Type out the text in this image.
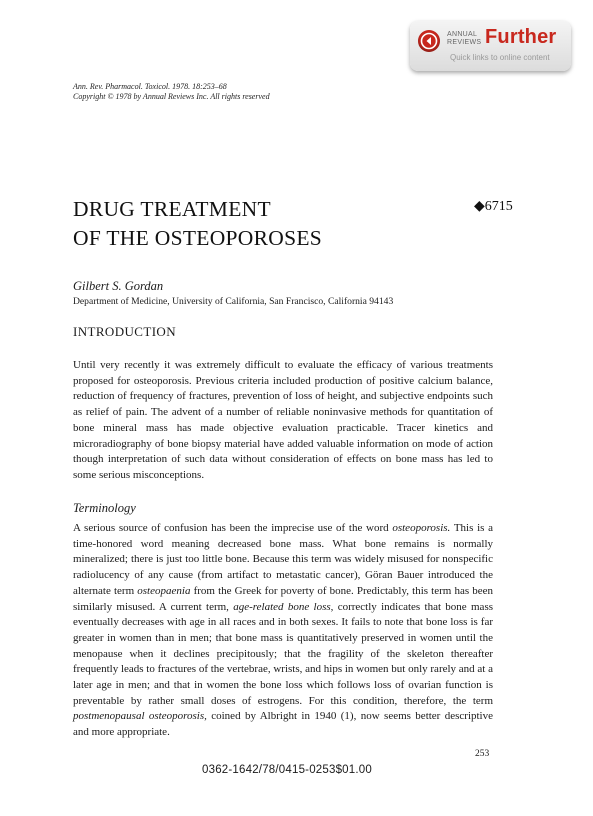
ANNUAL
REVIEWS Further
Quick links to online content
Ann. Rev. Pharmacol. Toxicol. 1978. 18:253–68
Copyright © 1978 by Annual Reviews Inc. All rights reserved
DRUG TREATMENT
OF THE OSTEOPOROSES
◆6715
Gilbert S. Gordan
Department of Medicine, University of California, San Francisco, California 94143
INTRODUCTION

Until very recently it was extremely difficult to evaluate the efficacy of various treatments proposed for osteoporosis. Previous criteria included production of positive calcium balance, reduction of frequency of fractures, prevention of loss of height, and subjective endpoints such as relief of pain. The advent of a number of reliable noninvasive methods for quantitation of bone mineral mass has made objective evaluation practicable. Tracer kinetics and microradiography of bone biopsy material have added valuable information on mode of action though interpretation of such data without consideration of effects on bone mass has led to some serious misconceptions.

Terminology

A serious source of confusion has been the imprecise use of the word osteoporosis. This is a time-honored word meaning decreased bone mass. What bone remains is normally mineralized; there is just too little bone. Because this term was widely misused for nonspecific radiolucency of any cause (from artifact to metastatic cancer), Göran Bauer introduced the alternate term osteopaenia from the Greek for poverty of bone. Predictably, this term has been similarly misused. A current term, age-related bone loss, correctly indicates that bone mass eventually decreases with age in all races and in both sexes. It fails to note that bone loss is far greater in women than in men; that bone mass is quantitatively preserved in women until the menopause when it declines precipitously; that the fragility of the skeleton thereafter frequently leads to fractures of the vertebrae, wrists, and hips in women but only rarely and at a later age in men; and that in women the bone loss which follows loss of ovarian function is preventable by rather small doses of estrogens. For this condition, therefore, the term postmenopausal osteoporosis, coined by Albright in 1940 (1), now seems better descriptive and more appropriate.

253
0362-1642/78/0415-0253$01.00
